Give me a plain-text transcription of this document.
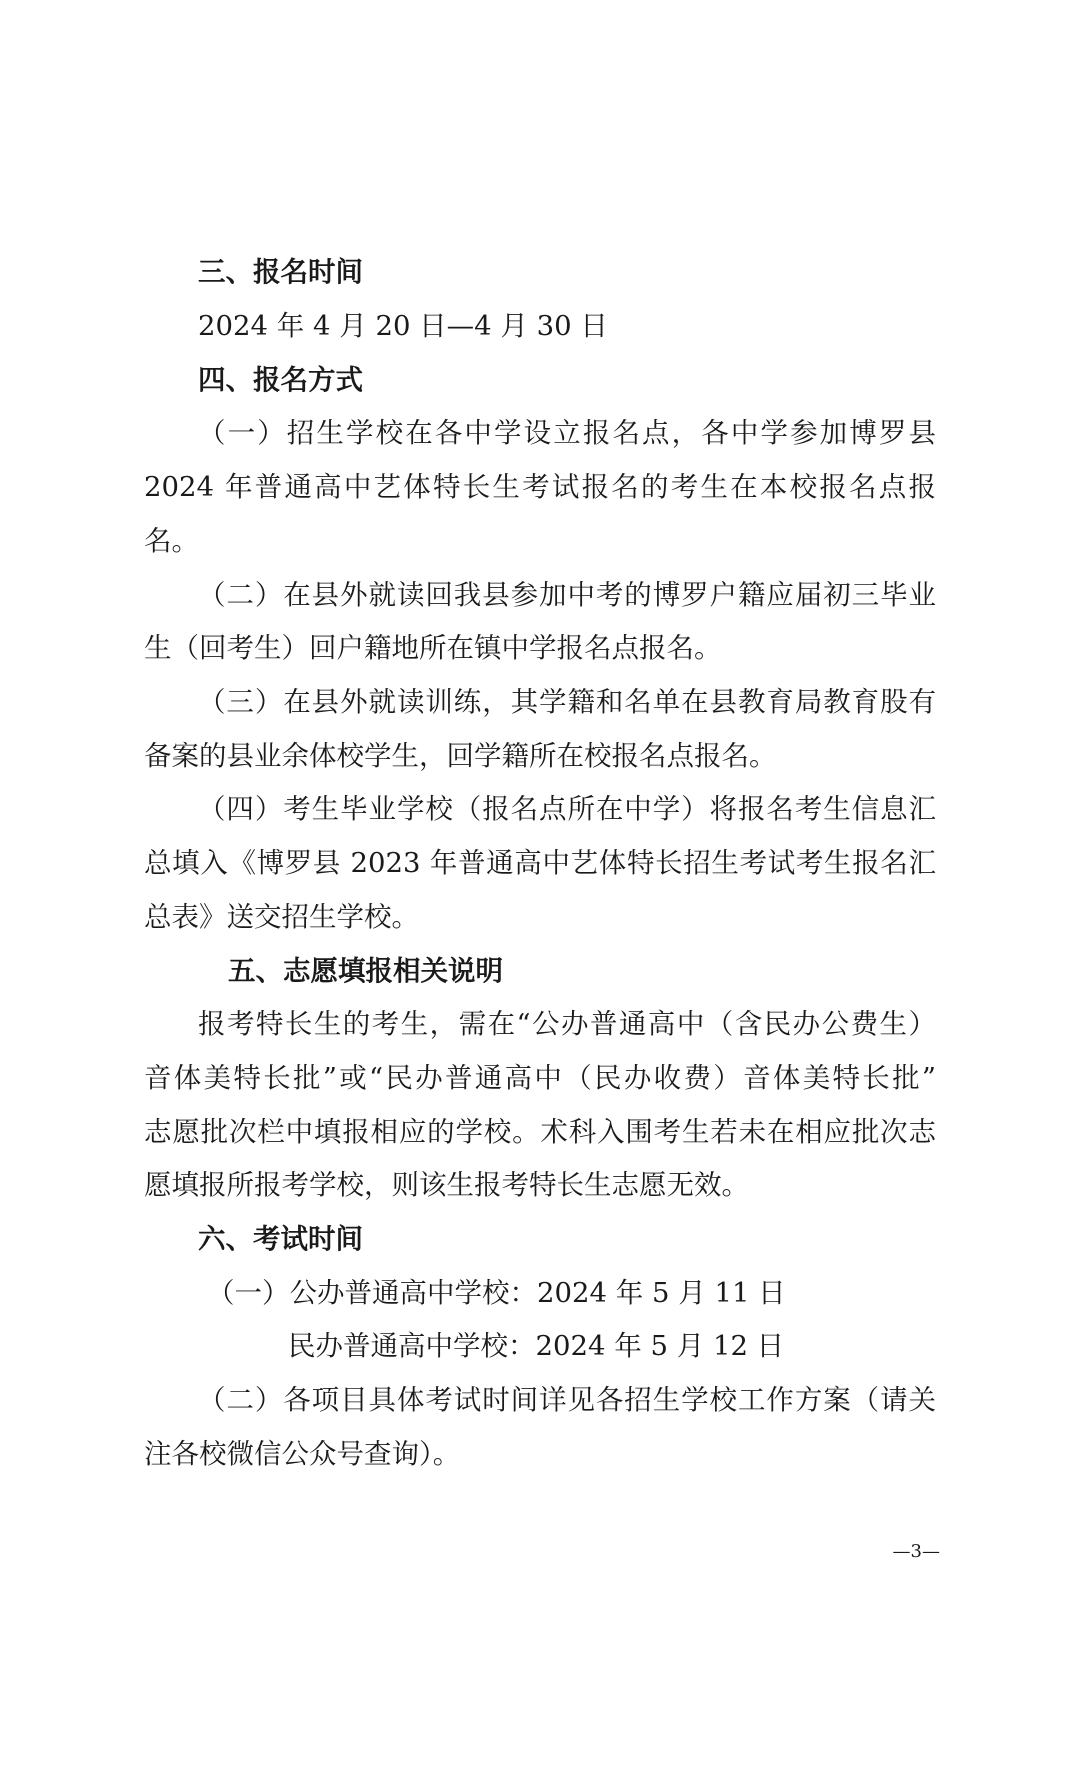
三、报名时间
2024 年 4 月 20 日—4 月 30 日
四、报名方式
（一）招生学校在各中学设立报名点，各中学参加博罗县
2024 年普通高中艺体特长生考试报名的考生在本校报名点报
名。
（二）在县外就读回我县参加中考的博罗户籍应届初三毕业
生（回考生）回户籍地所在镇中学报名点报名。
（三）在县外就读训练，其学籍和名单在县教育局教育股有
备案的县业余体校学生，回学籍所在校报名点报名。
（四）考生毕业学校（报名点所在中学）将报名考生信息汇
总填入《博罗县 2023 年普通高中艺体特长招生考试考生报名汇
总表》送交招生学校。
五、志愿填报相关说明
报考特长生的考生，需在“公办普通高中（含民办公费生）
音体美特长批”或“民办普通高中（民办收费）音体美特长批”
志愿批次栏中填报相应的学校。术科入围考生若未在相应批次志
愿填报所报考学校，则该生报考特长生志愿无效。
六、考试时间
（一）公办普通高中学校：2024 年 5 月 11 日
民办普通高中学校：2024 年 5 月 12 日
（二）各项目具体考试时间详见各招生学校工作方案（请关
注各校微信公众号查询）。
—3—
